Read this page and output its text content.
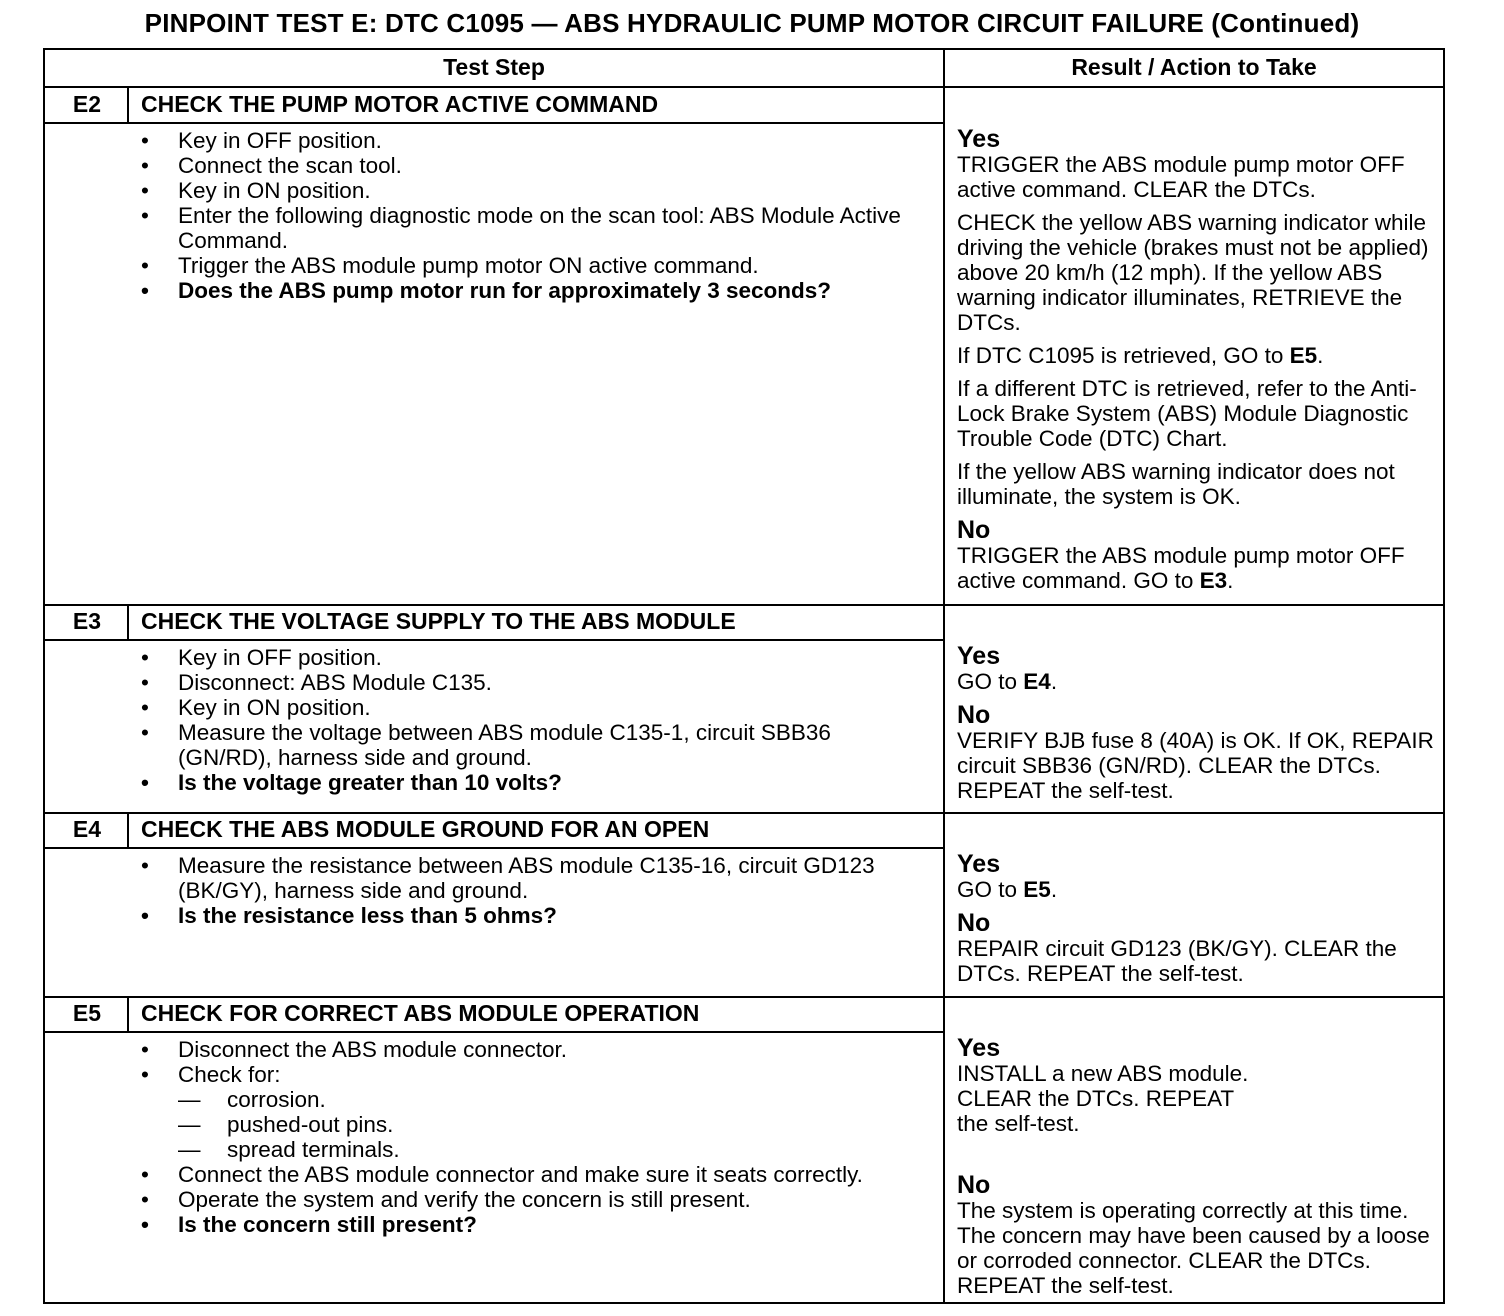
PINPOINT TEST E: DTC C1095 — ABS HYDRAULIC PUMP MOTOR CIRCUIT FAILURE (Continued)
Test Step	Result / Action to Take
E2	CHECK THE PUMP MOTOR ACTIVE COMMAND
• Key in OFF position.
• Connect the scan tool.
• Key in ON position.
• Enter the following diagnostic mode on the scan tool: ABS Module Active Command.
• Trigger the ABS module pump motor ON active command.
• Does the ABS pump motor run for approximately 3 seconds?
Yes

TRIGGER the ABS module pump motor OFF active command. CLEAR the DTCs.

CHECK the yellow ABS warning indicator while driving the vehicle (brakes must not be applied) above 20 km/h (12 mph). If the yellow ABS warning indicator illuminates, RETRIEVE the DTCs.

If DTC C1095 is retrieved, GO to E5.

If a different DTC is retrieved, refer to the Anti-Lock Brake System (ABS) Module Diagnostic Trouble Code (DTC) Chart.

If the yellow ABS warning indicator does not illuminate, the system is OK.

No

TRIGGER the ABS module pump motor OFF active command. GO to E3.

E3	CHECK THE VOLTAGE SUPPLY TO THE ABS MODULE
• Key in OFF position.
• Disconnect: ABS Module C135.
• Key in ON position.
• Measure the voltage between ABS module C135-1, circuit SBB36 (GN/RD), harness side and ground.
• Is the voltage greater than 10 volts?
Yes

GO to E4.

No

VERIFY BJB fuse 8 (40A) is OK. If OK, REPAIR circuit SBB36 (GN/RD). CLEAR the DTCs. REPEAT the self-test.

E4	CHECK THE ABS MODULE GROUND FOR AN OPEN
• Measure the resistance between ABS module C135-16, circuit GD123 (BK/GY), harness side and ground.
• Is the resistance less than 5 ohms?
Yes

GO to E5.

No

REPAIR circuit GD123 (BK/GY). CLEAR the DTCs. REPEAT the self-test.

E5	CHECK FOR CORRECT ABS MODULE OPERATION
• Disconnect the ABS module connector.
• Check for:
— corrosion.
— pushed-out pins.
— spread terminals.
• Connect the ABS module connector and make sure it seats correctly.
• Operate the system and verify the concern is still present.
• Is the concern still present?
Yes
INSTALL a new ABS module.
CLEAR the DTCs. REPEAT
the self-test.
No

The system is operating correctly at this time. The concern may have been caused by a loose or corroded connector. CLEAR the DTCs. REPEAT the self-test.
